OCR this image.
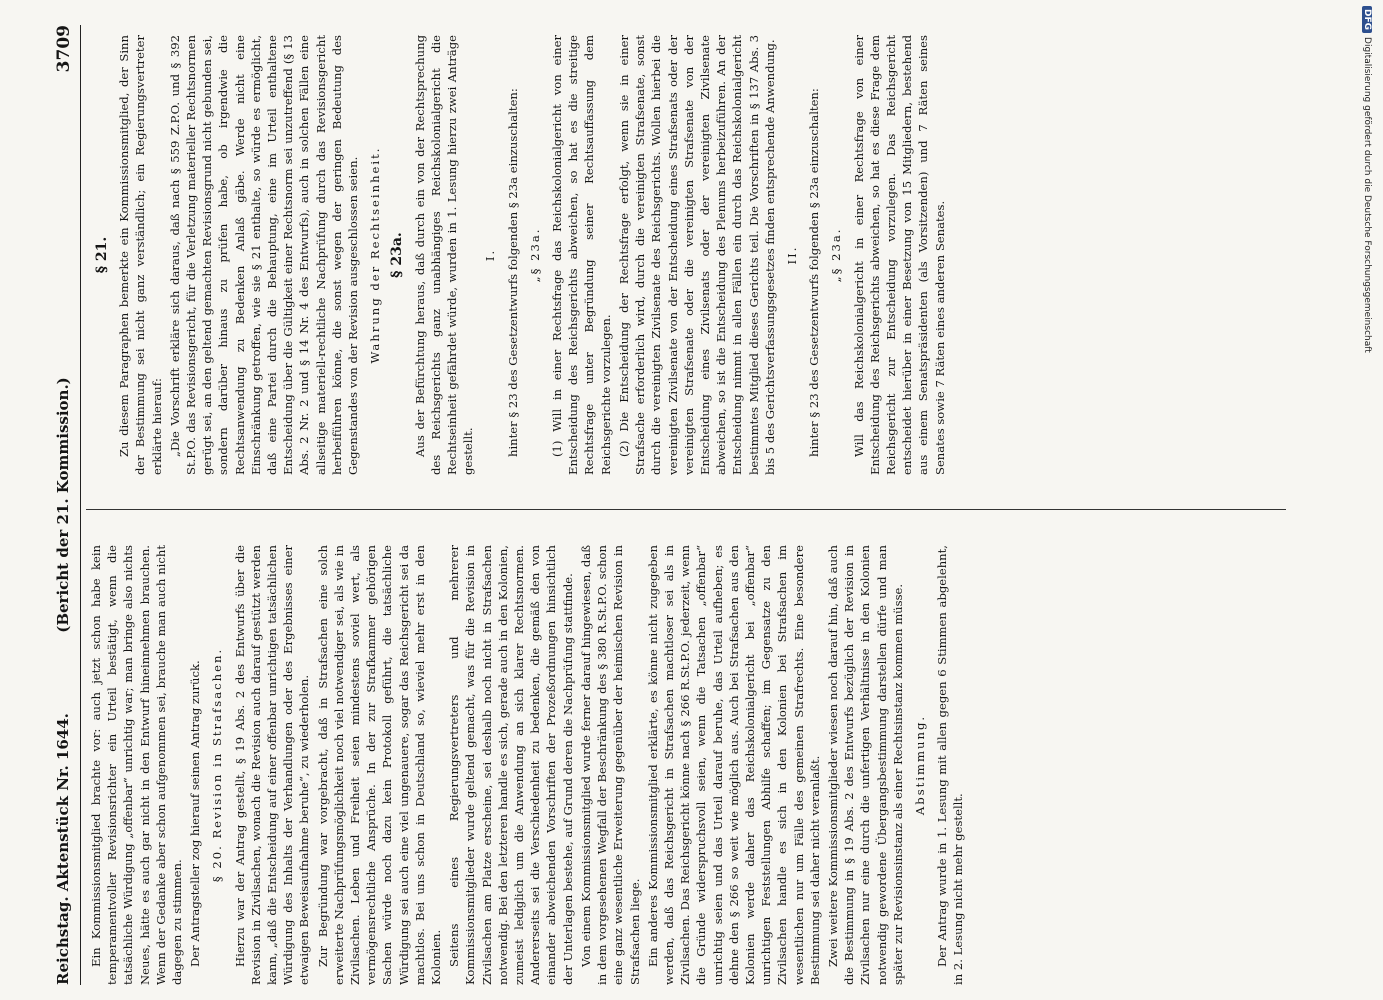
Reichstag. Aktenstück Nr. 1644.
(Bericht der 21. Kommission.)
3709

Ein Kommissionsmitglied brachte vor: auch jetzt schon habe kein temperamentvoller Revisionsrichter ein Urteil bestätigt, wenn die tatsächliche Würdigung „offenbar“ unrichtig war; man bringe also nichts Neues, hätte es auch gar nicht in den Entwurf hineinnehmen brauchen. Wenn der Gedanke aber schon aufgenommen sei, brauche man auch nicht dagegen zu stimmen. Der Antragsteller zog hierauf seinen Antrag zurück. § 20. Revision in Strafsachen. Hierzu war der Antrag gestellt, § 19 Abs. 2 des Entwurfs über die Revision in Zivilsachen, wonach die Revision auch darauf gestützt werden kann, „daß die Entscheidung auf einer offenbar unrichtigen tatsächlichen Würdigung des Inhalts der Verhandlungen oder des Ergebnisses einer etwaigen Beweisaufnahme beruhe“, zu wiederholen. Zur Begründung war vorgebracht, daß in Strafsachen eine solch erweiterte Nachprüfungsmöglichkeit noch viel notwendiger sei, als wie in Zivilsachen. Leben und Freiheit seien mindestens soviel wert, als vermögensrechtliche Ansprüche. In der zur Strafkammer gehörigen Sachen würde noch dazu kein Protokoll geführt, die tatsächliche Würdigung sei auch eine viel ungenauere, sogar das Reichsgericht sei da machtlos. Bei uns schon in Deutschland so, wieviel mehr erst in den Kolonien. Seitens eines Regierungsvertreters und mehrerer Kommissionsmitglieder wurde geltend gemacht, was für die Revision in Zivilsachen am Platze erscheine, sei deshalb noch nicht in Strafsachen notwendig. Bei den letzteren handle es sich, gerade auch in den Kolonien, zumeist lediglich um die Anwendung an sich klarer Rechtsnormen. Andererseits sei die Verschiedenheit zu bedenken, die gemäß den von einander abweichenden Vorschriften der Prozeßordnungen hinsichtlich der Unterlagen bestehe, auf Grund deren die Nachprüfung stattfinde. Von einem Kommissionsmitglied wurde ferner darauf hingewiesen, daß in dem vorgesehenen Wegfall der Beschränkung des § 380 R.St.P.O. schon eine ganz wesentliche Erweiterung gegenüber der heimischen Revision in Strafsachen liege. Ein anderes Kommissionsmitglied erklärte, es könne nicht zugegeben werden, daß das Reichsgericht in Strafsachen machtloser sei als in Zivilsachen. Das Reichsgericht könne nach § 266 R.St.P.O. jederzeit, wenn die Gründe widerspruchsvoll seien, wenn die Tatsachen „offenbar“ unrichtig seien und das Urteil darauf beruhe, das Urteil aufheben; es dehne den § 266 so weit wie möglich aus. Auch bei Strafsachen aus den Kolonien werde daher das Reichskolonialgericht bei „offenbar“ unrichtigen Feststellungen Abhilfe schaffen; im Gegensatze zu den Zivilsachen handle es sich in den Kolonien bei Strafsachen im wesentlichen nur um Fälle des gemeinen Strafrechts. Eine besondere Bestimmung sei daher nicht veranlaßt. Zwei weitere Kommissionsmitglieder wiesen noch darauf hin, daß auch die Bestimmung in § 19 Abs. 2 des Entwurfs bezüglich der Revision in Zivilsachen nur eine durch die unfertigen Verhältnisse in den Kolonien notwendig gewordene Übergangsbestimmung darstellen dürfe und man später zur Revisionsinstanz als einer Rechtsinstanz kommen müsse. Abstimmung. Der Antrag wurde in 1. Lesung mit allen gegen 6 Stimmen abgelehnt, in 2. Lesung nicht mehr gestellt.

§ 21. Zu diesem Paragraphen bemerkte ein Kommissionsmitglied, der Sinn der Bestimmung sei nicht ganz verständlich; ein Regierungsvertreter erklärte hierauf: „Die Vorschrift erkläre sich daraus, daß nach § 559 Z.P.O. und § 392 St.P.O. das Revisionsgericht, für die Verletzung materieller Rechtsnormen gerügt sei, an den geltend gemachten Revisionsgrund nicht gebunden sei, sondern darüber hinaus zu prüfen habe, ob irgendwie die Rechtsanwendung zu Bedenken Anlaß gäbe. Werde nicht eine Einschränkung getroffen, wie sie § 21 enthalte, so würde es ermöglicht, daß eine Partei durch die Behauptung, eine im Urteil enthaltene Entscheidung über die Gültigkeit einer Rechtsnorm sei unzutreffend (§ 13 Abs. 2 Nr. 2 und § 14 Nr. 4 des Entwurfs), auch in solchen Fällen eine allseitige materiell-rechtliche Nachprüfung durch das Revisionsgericht herbeiführen könne, die sonst wegen der geringen Bedeutung des Gegenstandes von der Revision ausgeschlossen seien. Wahrung der Rechtseinheit. § 23a. Aus der Befürchtung heraus, daß durch ein von der Rechtsprechung des Reichsgerichts ganz unabhängiges Reichskolonialgericht die Rechtseinheit gefährdet würde, wurden in 1. Lesung hierzu zwei Anträge gestellt.

I. hinter § 23 des Gesetzentwurfs folgenden § 23a einzuschalten: „§ 23a. (1) Will in einer Rechtsfrage das Reichskolonialgericht von einer Entscheidung des Reichsgerichts abweichen, so hat es die streitige Rechtsfrage unter Begründung seiner Rechtsauffassung dem Reichsgerichte vorzulegen. (2) Die Entscheidung der Rechtsfrage erfolgt, wenn sie in einer Strafsache erforderlich wird, durch die vereinigten Strafsenate, sonst durch die vereinigten Zivilsenate des Reichsgerichts. Wollen hierbei die vereinigten Zivilsenate von der Entscheidung eines Strafsenats oder der vereinigten Strafsenate oder die vereinigten Strafsenate von der Entscheidung eines Zivilsenats oder der vereinigten Zivilsenate abweichen, so ist die Entscheidung des Plenums herbeizuführen. An der Entscheidung nimmt in allen Fällen ein durch das Reichskolonialgericht bestimmtes Mitglied dieses Gerichts teil. Die Vorschriften in § 137 Abs. 3 bis 5 des Gerichtsverfassungsgesetzes finden entsprechende Anwendung. II. hinter § 23 des Gesetzentwurfs folgenden § 23a einzuschalten: „§ 23a. Will das Reichskolonialgericht in einer Rechtsfrage von einer Entscheidung des Reichsgerichts abweichen, so hat es diese Frage dem Reichsgericht zur Entscheidung vorzulegen. Das Reichsgericht entscheidet hierüber in einer Besetzung von 15 Mitgliedern, bestehend aus einem Senatspräsidenten (als Vorsitzenden) und 7 Räten seines Senates sowie 7 Räten eines anderen Senates.

DFGDigitalisierung gefördert durch die Deutsche Forschungsgemeinschaft
